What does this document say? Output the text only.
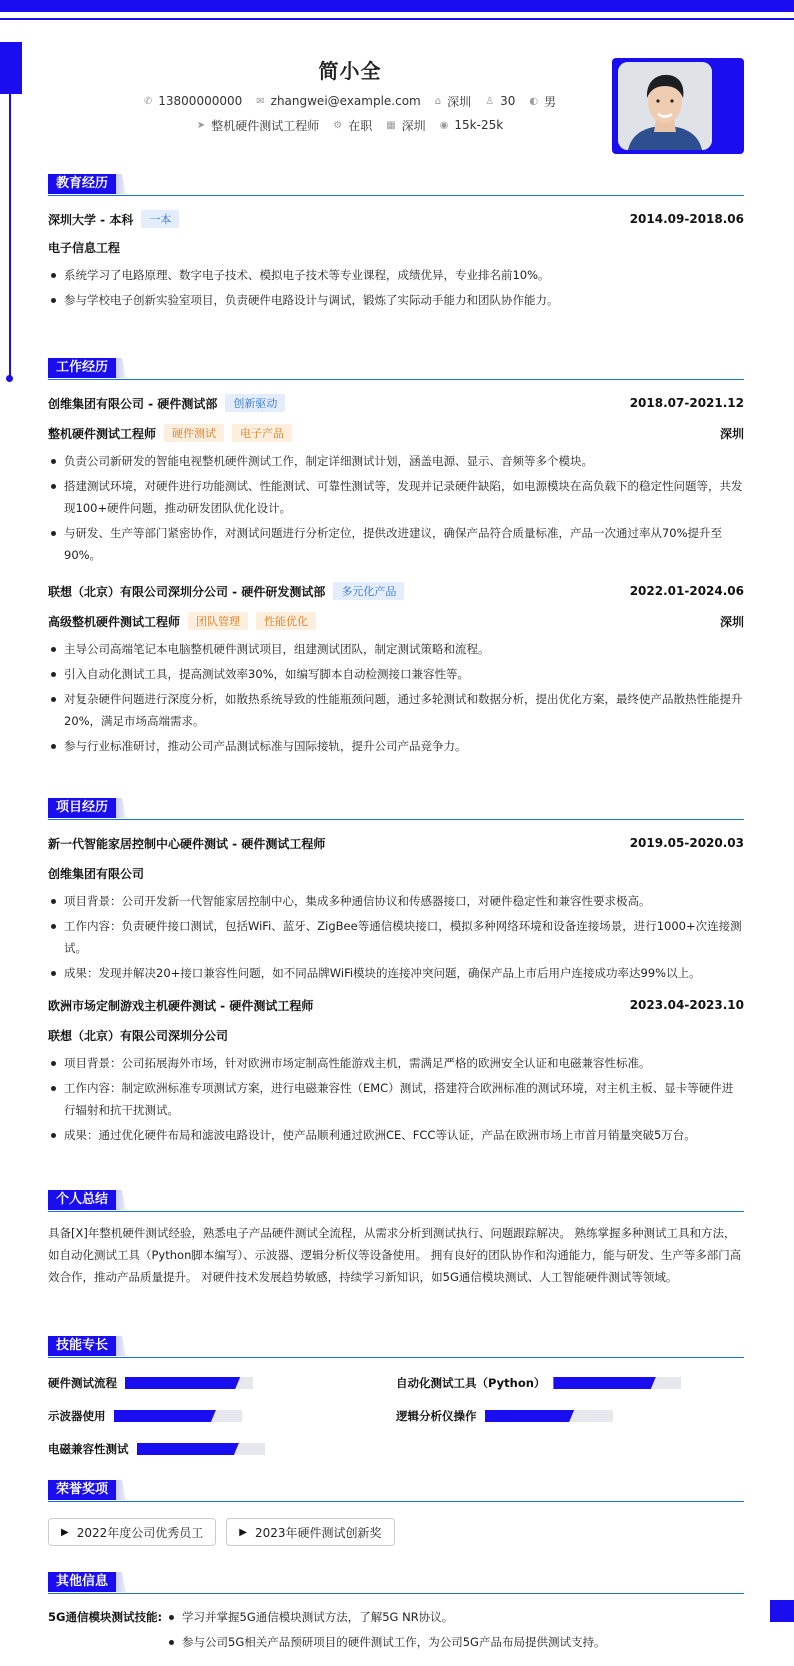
简小全
✆ 13800000000 ✉ zhangwei@example.com ⌂ 深圳 ♙ 30 ◐ 男
➤ 整机硬件测试工程师 ⚙ 在职 ▦ 深圳 ◉ 15k-25k
教育经历
深圳大学 - 本科	一本	2014.09-2018.06
电子信息工程
系统学习了电路原理、数字电子技术、模拟电子技术等专业课程，成绩优异，专业排名前10%。
参与学校电子创新实验室项目，负责硬件电路设计与调试，锻炼了实际动手能力和团队协作能力。
工作经历
创维集团有限公司 - 硬件测试部	创新驱动	2018.07-2021.12
整机硬件测试工程师	硬件测试	电子产品	深圳
负责公司新研发的智能电视整机硬件测试工作，制定详细测试计划，涵盖电源、显示、音频等多个模块。
搭建测试环境，对硬件进行功能测试、性能测试、可靠性测试等，发现并记录硬件缺陷，如电源模块在高负载下的稳定性问题等，共发现100+硬件问题，推动研发团队优化设计。
与研发、生产等部门紧密协作，对测试问题进行分析定位，提供改进建议，确保产品符合质量标准，产品一次通过率从70%提升至90%。
联想（北京）有限公司深圳分公司 - 硬件研发测试部	多元化产品	2022.01-2024.06
高级整机硬件测试工程师	团队管理	性能优化	深圳
主导公司高端笔记本电脑整机硬件测试项目，组建测试团队，制定测试策略和流程。
引入自动化测试工具，提高测试效率30%，如编写脚本自动检测接口兼容性等。
对复杂硬件问题进行深度分析，如散热系统导致的性能瓶颈问题，通过多轮测试和数据分析，提出优化方案，最终使产品散热性能提升20%，满足市场高端需求。
参与行业标准研讨，推动公司产品测试标准与国际接轨，提升公司产品竞争力。
项目经历
新一代智能家居控制中心硬件测试 - 硬件测试工程师	2019.05-2020.03
创维集团有限公司
项目背景：公司开发新一代智能家居控制中心，集成多种通信协议和传感器接口，对硬件稳定性和兼容性要求极高。
工作内容：负责硬件接口测试，包括WiFi、蓝牙、ZigBee等通信模块接口，模拟多种网络环境和设备连接场景，进行1000+次连接测试。
成果：发现并解决20+接口兼容性问题，如不同品牌WiFi模块的连接冲突问题，确保产品上市后用户连接成功率达99%以上。
欧洲市场定制游戏主机硬件测试 - 硬件测试工程师	2023.04-2023.10
联想（北京）有限公司深圳分公司
项目背景：公司拓展海外市场，针对欧洲市场定制高性能游戏主机，需满足严格的欧洲安全认证和电磁兼容性标准。
工作内容：制定欧洲标准专项测试方案，进行电磁兼容性（EMC）测试，搭建符合欧洲标准的测试环境，对主机主板、显卡等硬件进行辐射和抗干扰测试。
成果：通过优化硬件布局和滤波电路设计，使产品顺利通过欧洲CE、FCC等认证，产品在欧洲市场上市首月销量突破5万台。
个人总结
具备[X]年整机硬件测试经验，熟悉电子产品硬件测试全流程，从需求分析到测试执行、问题跟踪解决。 熟练掌握多种测试工具和方法，如自动化测试工具（Python脚本编写）、示波器、逻辑分析仪等设备使用。 拥有良好的团队协作和沟通能力，能与研发、生产等多部门高效合作，推动产品质量提升。 对硬件技术发展趋势敏感，持续学习新知识，如5G通信模块测试、人工智能硬件测试等领域。
技能专长
硬件测试流程	自动化测试工具（Python）
示波器使用	逻辑分析仪操作
电磁兼容性测试
荣誉奖项
▶ 2022年度公司优秀员工	▶ 2023年硬件测试创新奖
其他信息
5G通信模块测试技能:	学习并掌握5G通信模块测试方法，了解5G NR协议。
参与公司5G相关产品预研项目的硬件测试工作，为公司5G产品布局提供测试支持。
